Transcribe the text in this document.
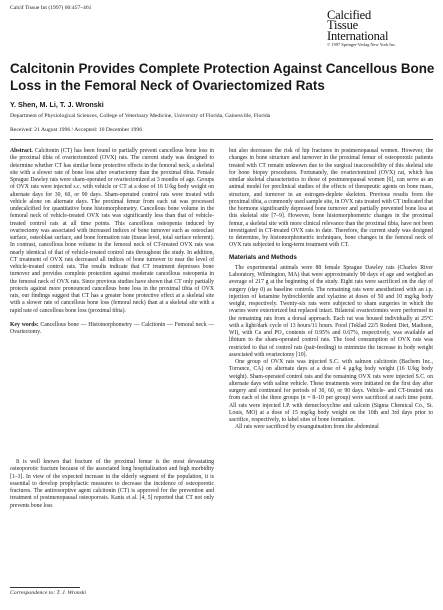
Calcif Tissue Int (1997) 60:457–461	Calcified
Tissue
International
© 1997 Springer-Verlag New York Inc.
Calcitonin Provides Complete Protection Against Cancellous Bone Loss in the Femoral Neck of Ovariectomized Rats
Y. Shen, M. Li, T. J. Wronski
Department of Physiological Sciences, College of Veterinary Medicine, University of Florida, Gainesville, Florida
Received: 21 August 1996 / Accepted: 10 December 1996

Abstract. Calcitonin (CT) has been found to partially prevent cancellous bone loss in the proximal tibia of ovariectomized (OVX) rats. The current study was designed to determine whether CT has similar bone protective effects in the femoral neck, a skeletal site with a slower rate of bone loss after ovariectomy than the proximal tibia. Female Sprague Dawley rats were sham-operated or ovariectomized at 3 months of age. Groups of OVX rats were injected s.c. with vehicle or CT at a dose of 16 U/kg body weight on alternate days for 30, 60, or 90 days. Sham-operated control rats were treated with vehicle alone on alternate days. The proximal femur from each rat was processed undecalcified for quantitative bone histomorphometry. Cancellous bone volume in the femoral neck of vehicle-treated OVX rats was significantly less than that of vehicle-treated control rats at all time points. This cancellous osteopenia induced by ovariectomy was associated with increased indices of bone turnover such as osteoclast surface, osteoblast surface, and bone formation rate (tissue level, total surface referent). In contrast, cancellous bone volume in the femoral neck of CT-treated OVX rats was nearly identical of that of vehicle-treated control rats throughout the study. In addition, CT treatment of OVX rats decreased all indices of bone turnover to near the level of vehicle-treated control rats. The results indicate that CT treatment depresses bone turnover and provides complete protection against moderate cancellous osteopenia in the femoral neck of OVX rats. Since previous studies have shown that CT only partially protects against more pronounced cancellous bone loss in the proximal tibia of OVX rats, our findings suggest that CT has a greater bone protective effect at a skeletal site with a slower rate of cancellous bone loss (femoral neck) than at a skeletal site with a rapid rate of cancellous bone loss (proximal tibia).

Key words: Cancellous bone — Histomorphometry — Calcitonin — Femoral neck — Ovariectomy.

It is well known that fracture of the proximal femur is the most devastating osteoporotic fracture because of the associated long hospitalization and high morbidity [1–3]. In view of the expected increase in the elderly segment of the population, it is essential to develop prophylactic measures to decrease the incidence of osteoporotic fractures. The antiresorptive agent calcitonin (CT) is approved for the prevention and treatment of postmenopausal osteoporosis. Kanis et al. [4, 5] reported that CT not only prevents bone loss

Correspondence to: T. J. Wronski

but also decreases the risk of hip fractures in postmenopausal women. However, the changes in bone structure and turnover in the proximal femur of osteoporotic patients treated with CT remain unknown due to the surgical inaccessibility of this skeletal site for bone biopsy procedures. Fortunately, the ovariectomized (OVX) rat, which has similar skeletal characteristics to those of postmenopausal women [6], can serve as an animal model for preclinical studies of the effects of therapeutic agents on bone mass, structure, and turnover in an estrogen-deplete skeleton. Previous results from the proximal tibia, a commonly used sample site, in OVX rats treated with CT indicated that the hormone significantly depressed bone turnover and partially prevented bone loss at this skeletal site [7–9]. However, bone histomorphometric changes in the proximal femur, a skeletal site with more clinical relevance than the proximal tibia, have not been investigated in CT-treated OVX rats to date. Therefore, the current study was designed to determine, by histomorphometric techniques, bone changes in the femoral neck of OVX rats subjected to long-term treatment with CT.

Materials and Methods

The experimental animals were 88 female Sprague Dawley rats (Charles River Laboratory, Wilmington, MA) that were approximately 90 days of age and weighed an average of 217 g at the beginning of the study. Eight rats were sacrificed on the day of surgery (day 0) as baseline controls. The remaining rats were anesthetized with an i.p. injection of ketamine hydrochloride and xylazine at doses of 50 and 10 mg/kg body weight, respectively. Twenty-six rats were subjected to sham surgeries in which the ovaries were exteriorized but replaced intact. Bilateral ovariectomies were performed in the remaining rats from a dorsal approach. Each rat was housed individually at 25°C with a light/dark cycle of 13 hours/11 hours. Food (Teklad 22/5 Rodent Diet, Madison, WI), with Ca and PO₄ contents of 0.95% and 0.67%, respectively, was available ad libitum to the sham-operated control rats. The food consumption of OVX rats was restricted to that of control rats (pair-feeding) to minimize the increase in body weight associated with ovariectomy [10].

One group of OVX rats was injected S.C. with salmon calcitonin (Bachem Inc., Torrance, CA) on alternate days at a dose of 4 μg/kg body weight (16 U/kg body weight). Sham-operated control rats and the remaining OVX rats were injected S.C. on alternate days with saline vehicle. These treatments were initiated on the first day after surgery and continued for periods of 30, 60, or 90 days. Vehicle- and CT-treated rats from each of the three groups (n = 8–10 per group) were sacrificed at each time point. All rats were injected I.P. with demeclocycline and calcein (Sigma Chemical Co., St. Louis, MO) at a dose of 15 mg/kg body weight on the 10th and 3rd days prior to sacrifice, respectively, to label sites of bone formation.

All rats were sacrificed by exsanguination from the abdominal
